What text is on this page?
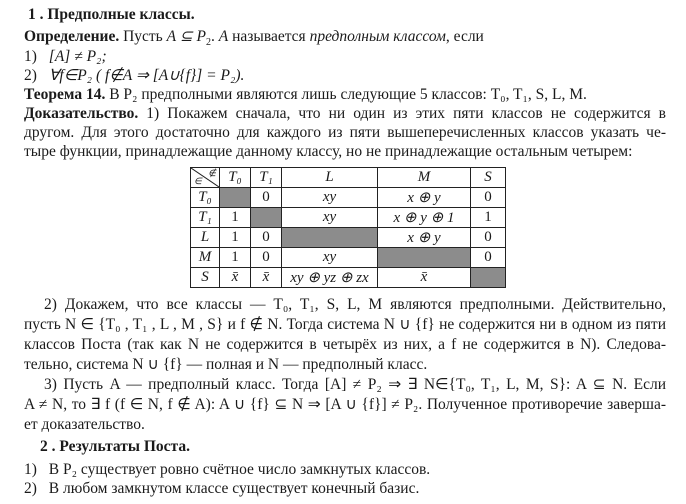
1 . Предполные классы.
Определение. Пусть A ⊆ $P_2$. A называется предполным классом, если
1) [A] ≠ P₂;
2) ∀f∈P₂ ( f∉A ⇒ [A∪{f}] = P₂).
Теорема 14. В P₂ предполными являются лишь следующие 5 классов: T₀, T₁, S, L, M.
Доказательство. 1) Покажем сначала, что ни один из этих пяти классов не содержится в
другом. Для этого достаточно для каждого из пяти вышеперечисленных классов указать че-
тыре функции, принадлежащие данному классу, но не принадлежащие остальным четырем:
∉
∈	T₀	T₁	L	M	S
T₀		0	xy	x ⊕ y	0
T₁	1		xy	x ⊕ y ⊕ 1	1
L	1	0		x ⊕ y	0
M	1	0	xy		0
S	x̄	x̄	xy ⊕ yz ⊕ zx	x̄	
2) Докажем, что все классы — T₀, T₁, S, L, M являются предполными. Действительно,
пусть N ∈ {T₀ , T₁ , L , M , S} и f ∉ N. Тогда система N ∪ {f} не содержится ни в одном из пяти
классов Поста (так как N не содержится в четырёх из них, а f не содержится в N). Следова-
тельно, система N ∪ {f} — полная и N — предполный класс.
3) Пусть A — предполный класс. Тогда [A] ≠ P₂ ⇒ ∃ N∈{T₀, T₁, L, M, S}: A ⊆ N. Если
A ≠ N, то ∃ f (f ∈ N, f ∉ A): A ∪ {f} ⊆ N ⇒ [A ∪ {f}] ≠ P₂. Полученное противоречие заверша-
ет доказательство.
2 . Результаты Поста.
1) В P₂ существует ровно счётное число замкнутых классов.
2) В любом замкнутом классе существует конечный базис.
